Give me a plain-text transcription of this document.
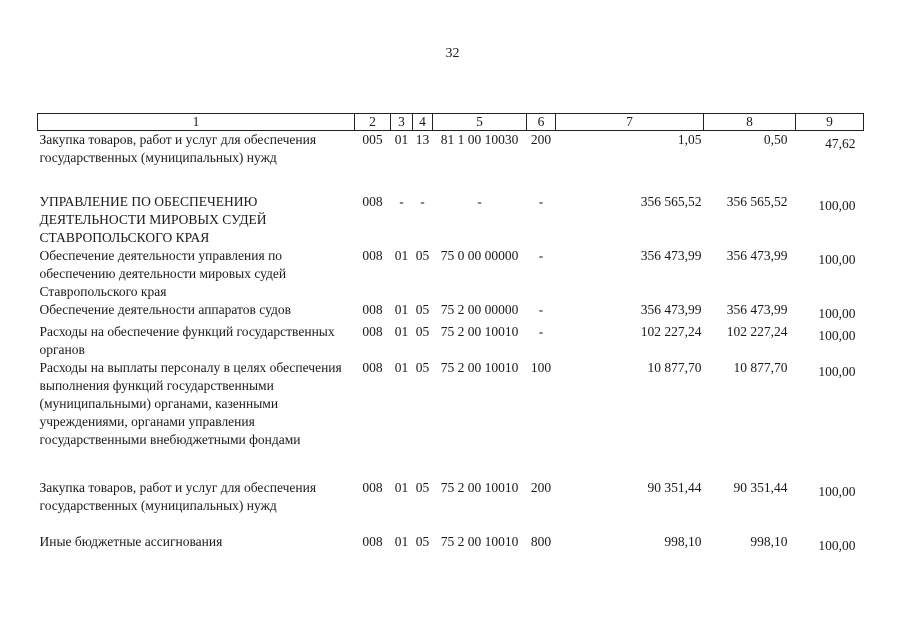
32
1	2	3	4	5	6	7	8	9
Закупка товаров, работ и услуг для обеспечения государственных (муниципальных) нужд	005	01	13	81 1 00 10030	200	1,05	0,50	47,62

УПРАВЛЕНИЕ ПО ОБЕСПЕЧЕНИЮ ДЕЯТЕЛЬНОСТИ МИРОВЫХ СУДЕЙ СТАВРОПОЛЬСКОГО КРАЯ	008	-	-	-	-	356 565,52	356 565,52	100,00
Обеспечение деятельности управления по обеспечению деятельности мировых судей Ставропольского края	008	01	05	75 0 00 00000	-	356 473,99	356 473,99	100,00
Обеспечение деятельности аппаратов судов	008	01	05	75 2 00 00000	-	356 473,99	356 473,99	100,00
Расходы на обеспечение функций государственных органов	008	01	05	75 2 00 10010	-	102 227,24	102 227,24	100,00
Расходы на выплаты персоналу в целях обеспечения выполнения функций государственными (муниципальными) органами, казенными учреждениями, органами управления государственными внебюджетными фондами	008	01	05	75 2 00 10010	100	10 877,70	10 877,70	100,00

Закупка товаров, работ и услуг для обеспечения государственных (муниципальных) нужд	008	01	05	75 2 00 10010	200	90 351,44	90 351,44	100,00

Иные бюджетные ассигнования	008	01	05	75 2 00 10010	800	998,10	998,10	100,00
